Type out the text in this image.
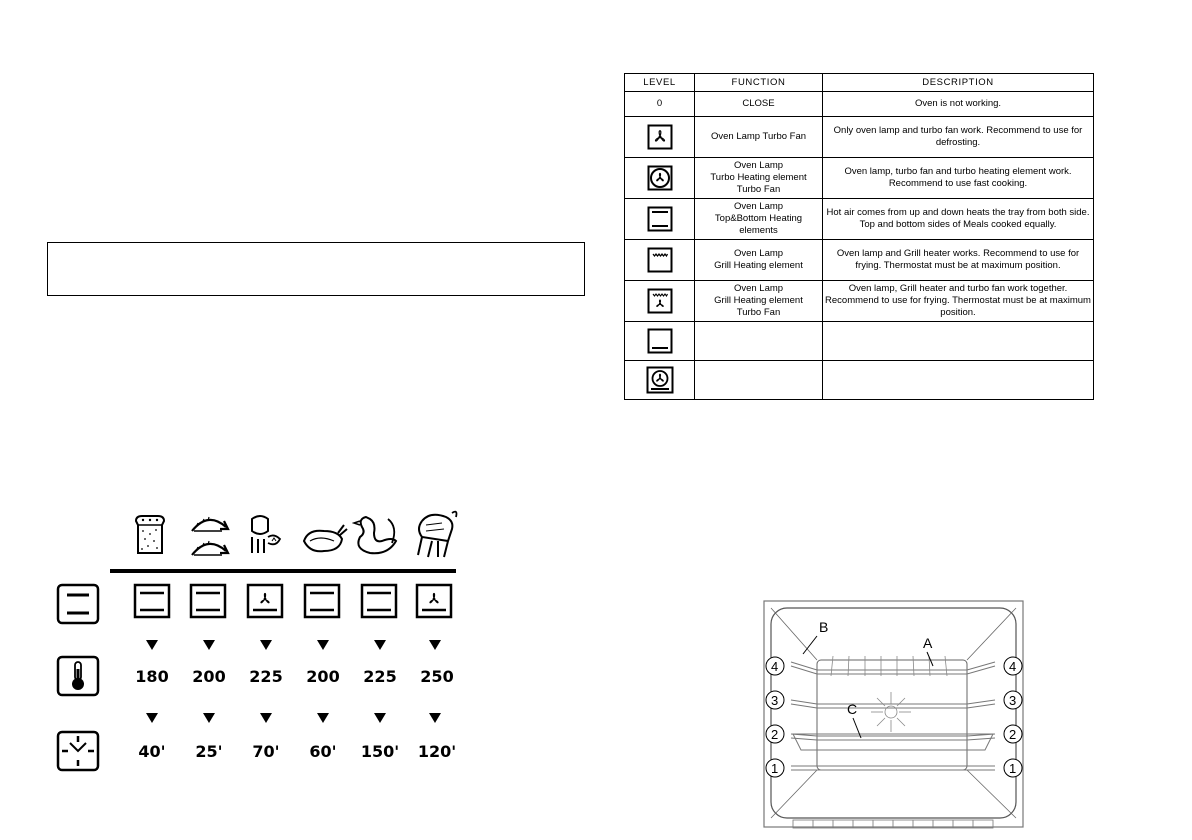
LEVEL	FUNCTION	DESCRIPTION
0	CLOSE	Oven is not working.

	Oven Lamp Turbo Fan	Only oven lamp and turbo fan work. Recommend to use for defrosting.

	Oven Lamp
Turbo Heating element
Turbo Fan	Oven lamp, turbo fan and turbo heating element work. Recommend to use fast cooking.

	Oven Lamp
Top&Bottom Heating
elements	Hot air comes from up and down heats the tray from both side. Top and bottom sides of Meals cooked equally.

	Oven Lamp
Grill Heating element	Oven lamp and Grill heater works. Recommend to use for frying. Thermostat must be at maximum position.

	Oven Lamp
Grill Heating element
Turbo Fan	Oven lamp, Grill heater and turbo fan work together. Recommend to use for frying. Thermostat must be at maximum position.

180	200	225	200	225	250
40'	25'	70'	60'	150'	120'
B
A
C
4
3
2
1
4
3
2
1
